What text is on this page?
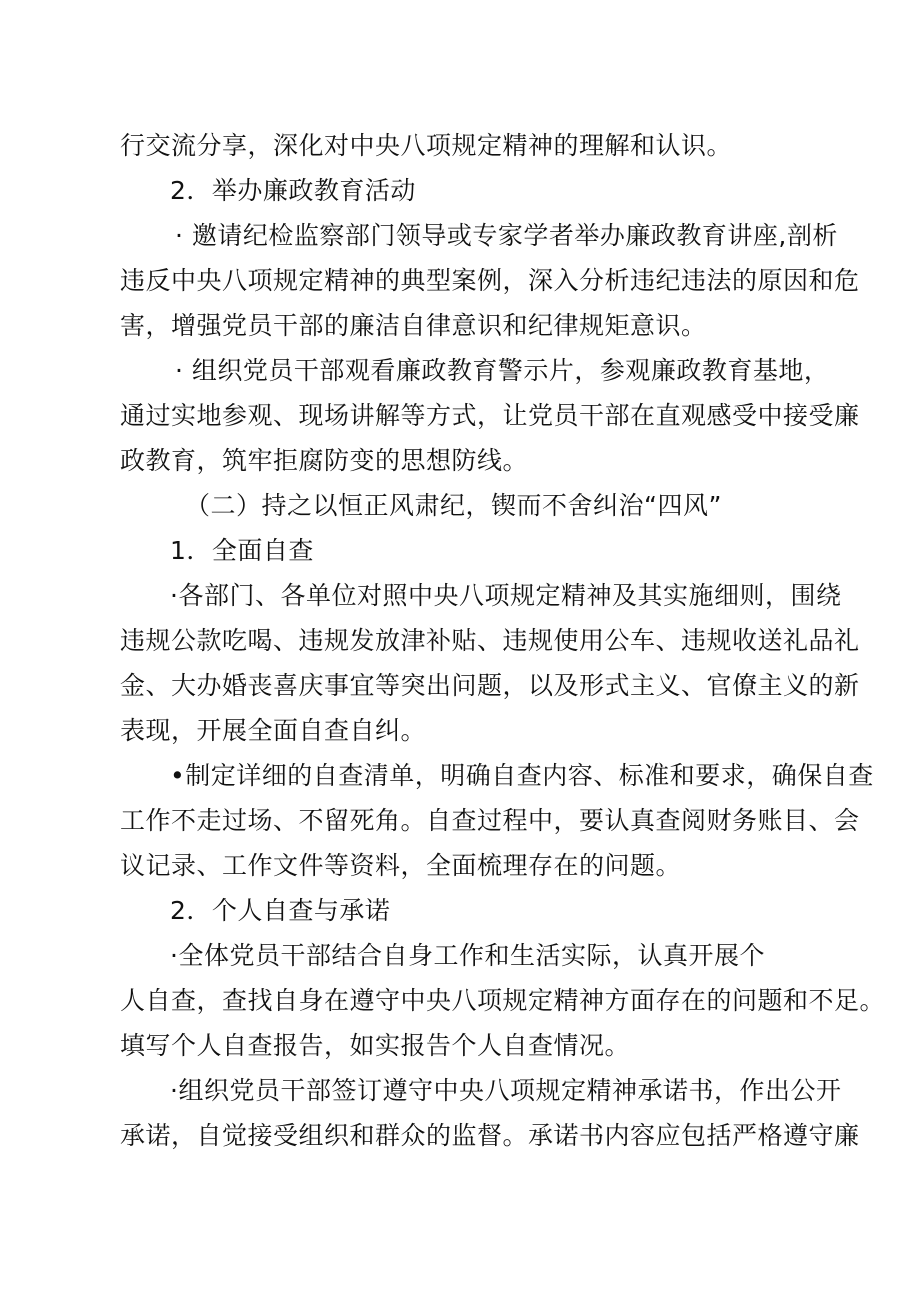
行交流分享，深化对中央八项规定精神的理解和认识。
2．举办廉政教育活动
· 邀请纪检监察部门领导或专家学者举办廉政教育讲座,剖析
违反中央八项规定精神的典型案例，深入分析违纪违法的原因和危
害，增强党员干部的廉洁自律意识和纪律规矩意识。
· 组织党员干部观看廉政教育警示片，参观廉政教育基地，
通过实地参观、现场讲解等方式，让党员干部在直观感受中接受廉
政教育，筑牢拒腐防变的思想防线。
（二）持之以恒正风肃纪，锲而不舍纠治“四风”
1．全面自查
·各部门、各单位对照中央八项规定精神及其实施细则，围绕
违规公款吃喝、违规发放津补贴、违规使用公车、违规收送礼品礼
金、大办婚丧喜庆事宜等突出问题，以及形式主义、官僚主义的新
表现，开展全面自查自纠。
•制定详细的自查清单，明确自查内容、标准和要求，确保自查
工作不走过场、不留死角。自查过程中，要认真查阅财务账目、会
议记录、工作文件等资料，全面梳理存在的问题。
2．个人自查与承诺
·全体党员干部结合自身工作和生活实际，认真开展个
人自查，查找自身在遵守中央八项规定精神方面存在的问题和不足。
填写个人自查报告，如实报告个人自查情况。
·组织党员干部签订遵守中央八项规定精神承诺书，作出公开
承诺，自觉接受组织和群众的监督。承诺书内容应包括严格遵守廉
